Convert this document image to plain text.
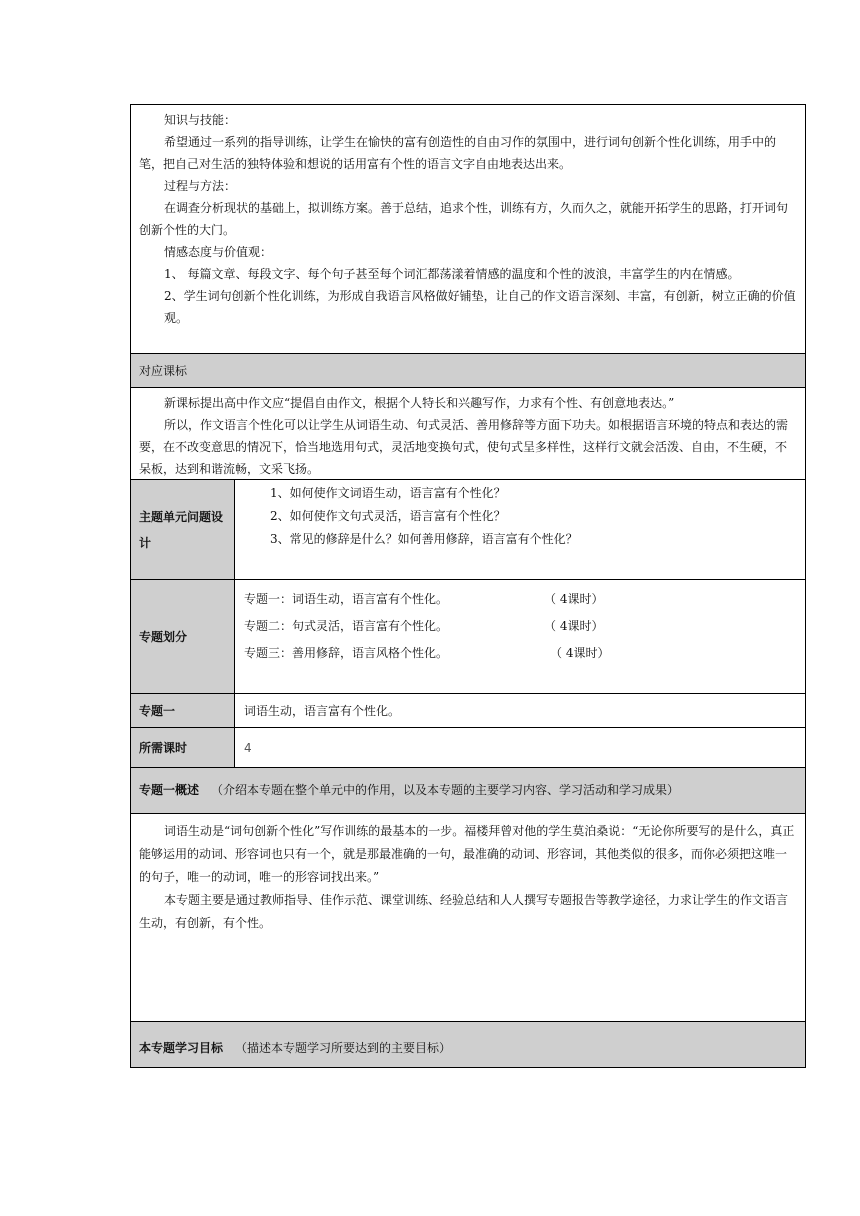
知识与技能：

希望通过一系列的指导训练，让学生在愉快的富有创造性的自由习作的氛围中，进行词句创新个性化训练，用手中的笔，把自己对生活的独特体验和想说的话用富有个性的语言文字自由地表达出来。

过程与方法：

在调查分析现状的基础上，拟训练方案。善于总结，追求个性，训练有方，久而久之，就能开拓学生的思路，打开词句创新个性的大门。

情感态度与价值观：

1、 每篇文章、每段文字、每个句子甚至每个词汇都荡漾着情感的温度和个性的波浪，丰富学生的内在情感。

2、学生词句创新个性化训练，为形成自我语言风格做好铺垫，让自己的作文语言深刻、丰富，有创新，树立正确的价值观。

对应课标

新课标提出高中作文应“提倡自由作文，根据个人特长和兴趣写作，力求有个性、有创意地表达。”

所以，作文语言个性化可以让学生从词语生动、句式灵活、善用修辞等方面下功夫。如根据语言环境的特点和表达的需要，在不改变意思的情况下，恰当地选用句式，灵活地变换句式，使句式呈多样性，这样行文就会活泼、自由，不生硬，不呆板，达到和谐流畅，文采飞扬。

主题单元问题设计
1、如何使作文词语生动，语言富有个性化？
2、如何使作文句式灵活，语言富有个性化？
3、常见的修辞是什么？如何善用修辞，语言富有个性化？
专题划分
专题一：词语生动，语言富有个性化。	（ 4课时）
专题二：句式灵活，语言富有个性化。	（ 4课时）
专题三：善用修辞，语言风格个性化。	（ 4课时）
专题一	词语生动，语言富有个性化。
所需课时	4
专题一概述 （介绍本专题在整个单元中的作用，以及本专题的主要学习内容、学习活动和学习成果）

词语生动是“词句创新个性化”写作训练的最基本的一步。福楼拜曾对他的学生莫泊桑说：“无论你所要写的是什么，真正能够运用的动词、形容词也只有一个，就是那最准确的一句，最准确的动词、形容词，其他类似的很多，而你必须把这唯一的句子，唯一的动词，唯一的形容词找出来。”

本专题主要是通过教师指导、佳作示范、课堂训练、经验总结和人人撰写专题报告等教学途径，力求让学生的作文语言生动，有创新，有个性。

本专题学习目标 （描述本专题学习所要达到的主要目标）
